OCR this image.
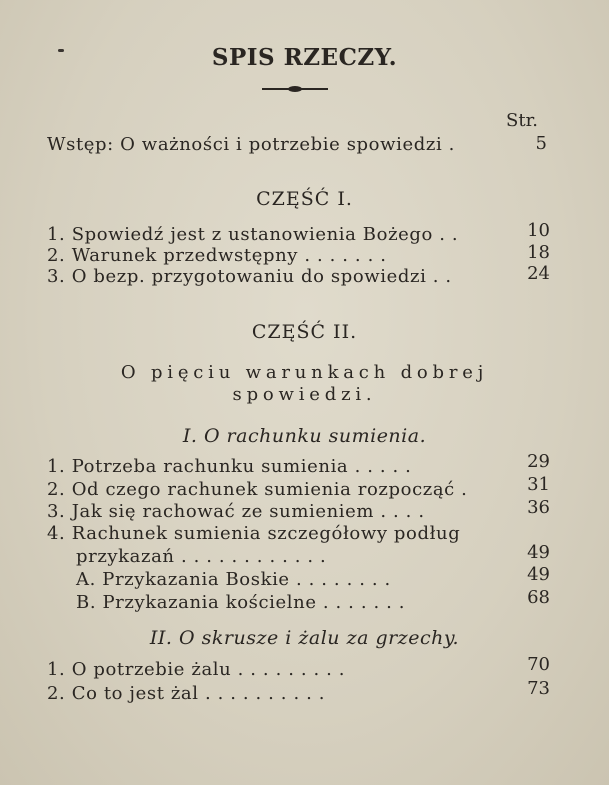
SPIS RZECZY.
Str.
Wstęp: O ważności i potrzebie spowiedzi .	5
CZĘŚĆ I.
1. Spowiedź jest z ustanowienia Bożego . .	10
2. Warunek przedwstępny . . . . . . .	18
3. O bezp. przygotowaniu do spowiedzi . .	24
CZĘŚĆ II.
O pięciu warunkach dobrej
spowiedzi.
I. O rachunku sumienia.
1. Potrzeba rachunku sumienia . . . . .	29
2. Od czego rachunek sumienia rozpocząć .	31
3. Jak się rachować ze sumieniem . . . .	36
4. Rachunek sumienia szczegółowy podług
przykazań . . . . . . . . . . . .	49
A. Przykazania Boskie . . . . . . . .	49
B. Przykazania kościelne . . . . . . .	68
II. O skrusze i żalu za grzechy.
1. O potrzebie żalu . . . . . . . . .	70
2. Co to jest żal . . . . . . . . . .	73
